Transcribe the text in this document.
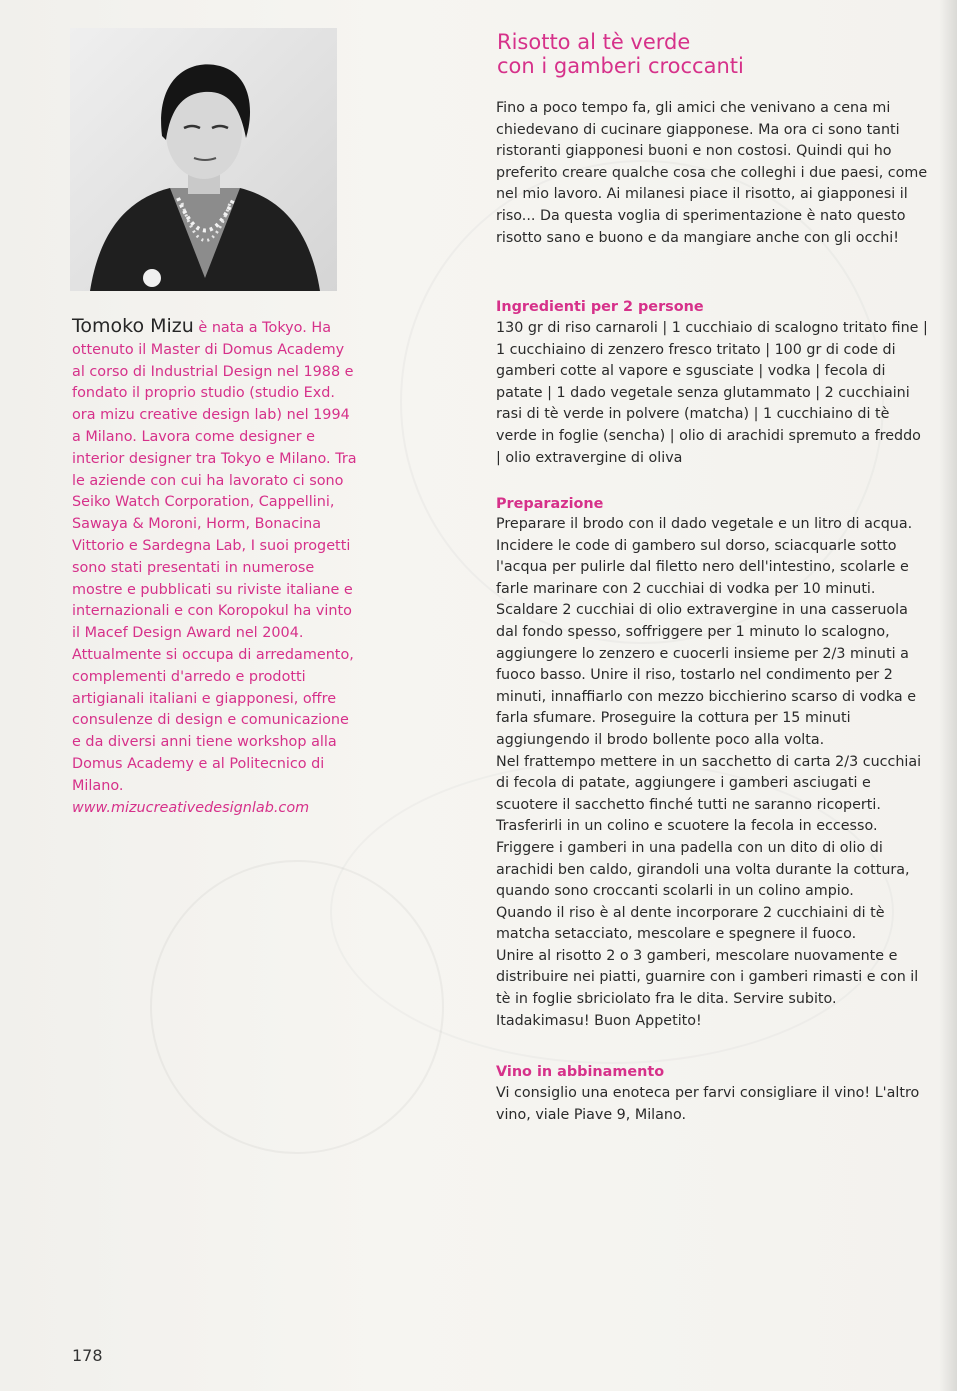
Tomoko Mizu è nata a Tokyo. Ha ottenuto il Master di Domus Academy al corso di Industrial Design nel 1988 e fondato il proprio studio (studio Exd. ora mizu creative design lab) nel 1994 a Milano. Lavora come designer e interior designer tra Tokyo e Milano. Tra le aziende con cui ha lavorato ci sono Seiko Watch Corporation, Cappellini, Sawaya & Moroni, Horm, Bonacina Vittorio e Sardegna Lab, I suoi progetti sono stati presentati in numerose mostre e pubblicati su riviste italiane e internazionali e con Koropokul ha vinto il Macef Design Award nel 2004. Attualmente si occupa di arredamento, complementi d'arredo e prodotti artigianali italiani e giapponesi, offre consulenze di design e comunicazione e da diversi anni tiene workshop alla Domus Academy e al Politecnico di Milano.
www.mizucreativedesignlab.com
Risotto al tè verde
con i gamberi croccanti

Fino a poco tempo fa, gli amici che venivano a cena mi chiedevano di cucinare giapponese. Ma ora ci sono tanti ristoranti giapponesi buoni e non costosi. Quindi qui ho preferito creare qualche cosa che colleghi i due paesi, come nel mio lavoro. Ai milanesi piace il risotto, ai giapponesi il riso... Da questa voglia di sperimentazione è nato questo risotto sano e buono e da mangiare anche con gli occhi!

Ingredienti per 2 persone

130 gr di riso carnaroli | 1 cucchiaio di scalogno tritato fine | 1 cucchiaino di zenzero fresco tritato | 100 gr di code di gamberi cotte al vapore e sgusciate | vodka | fecola di patate | 1 dado vegetale senza glutammato | 2 cucchiaini rasi di tè verde in polvere (matcha) | 1 cucchiaino di tè verde in foglie (sencha) | olio di arachidi spremuto a freddo | olio extravergine di oliva

Preparazione

Preparare il brodo con il dado vegetale e un litro di acqua.

Incidere le code di gambero sul dorso, sciacquarle sotto l'acqua per pulirle dal filetto nero dell'intestino, scolarle e farle marinare con 2 cucchiai di vodka per 10 minuti.

Scaldare 2 cucchiai di olio extravergine in una casseruola dal fondo spesso, soffriggere per 1 minuto lo scalogno, aggiungere lo zenzero e cuocerli insieme per 2/3 minuti a fuoco basso. Unire il riso, tostarlo nel condimento per 2 minuti, innaffiarlo con mezzo bicchierino scarso di vodka e farla sfumare. Proseguire la cottura per 15 minuti aggiungendo il brodo bollente poco alla volta.

Nel frattempo mettere in un sacchetto di carta 2/3 cucchiai di fecola di patate, aggiungere i gamberi asciugati e scuotere il sacchetto finché tutti ne saranno ricoperti. Trasferirli in un colino e scuotere la fecola in eccesso.

Friggere i gamberi in una padella con un dito di olio di arachidi ben caldo, girandoli una volta durante la cottura, quando sono croccanti scolarli in un colino ampio.

Quando il riso è al dente incorporare 2 cucchiaini di tè matcha setacciato, mescolare e spegnere il fuoco.

Unire al risotto 2 o 3 gamberi, mescolare nuovamente e distribuire nei piatti, guarnire con i gamberi rimasti e con il tè in foglie sbriciolato fra le dita. Servire subito.

Itadakimasu! Buon Appetito!

Vino in abbinamento

Vi consiglio una enoteca per farvi consigliare il vino! L'altro vino, viale Piave 9, Milano.

178
